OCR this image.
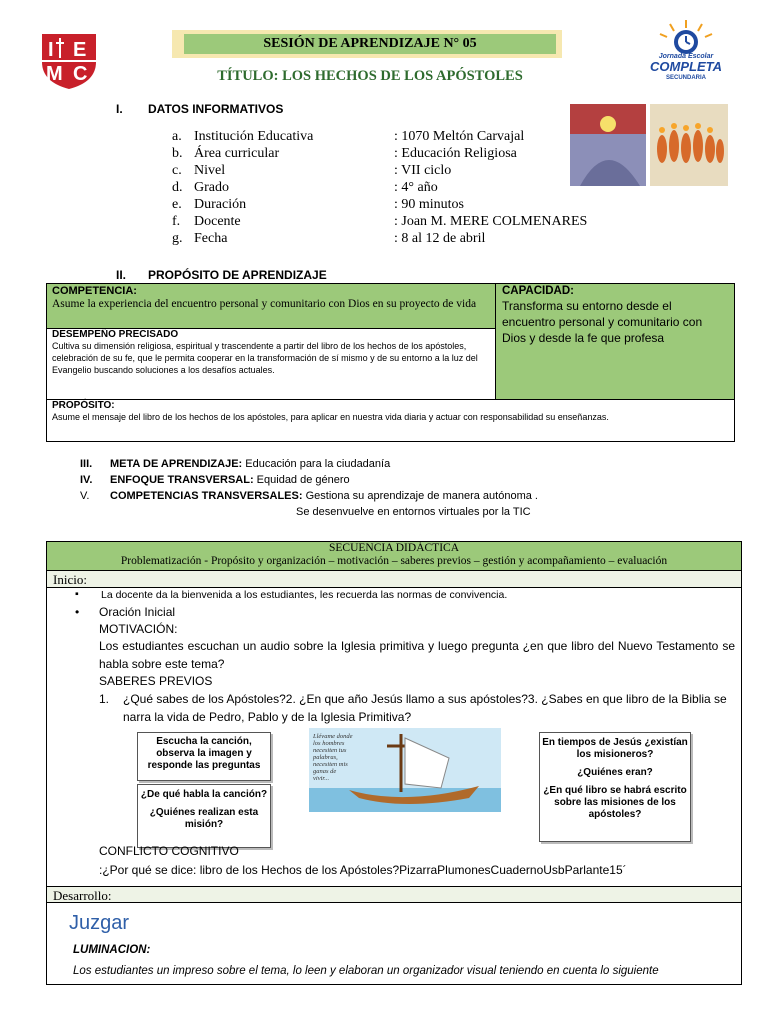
I E
M C
SESIÓN DE APRENDIZAJE N° 05
TÍTULO: LOS HECHOS DE LOS APÓSTOLES
Jornada Escolar
COMPLETA
SECUNDARIA
I. DATOS INFORMATIVOS
a. Institución Educativa	: 1070 Meltón Carvajal
b. Área curricular	: Educación Religiosa
c. Nivel	: VII ciclo
d. Grado	: 4° año
e. Duración	: 90 minutos
f. Docente	: Joan M. MERE COLMENARES
g. Fecha	: 8 al 12 de abril
II. PROPÓSITO DE APRENDIZAJE
COMPETENCIA:
Asume la experiencia del encuentro personal y comunitario con Dios en su proyecto de vida
CAPACIDAD:
Transforma su entorno desde el encuentro personal y comunitario con Dios y desde la fe que profesa
DESEMPEÑO PRECISADO
Cultiva su dimensión religiosa, espiritual y trascendente a partir del libro de los hechos de los apóstoles, celebración de su fe, que le permita cooperar en la transformación de sí mismo y de su entorno a la luz del Evangelio buscando soluciones a los desafíos actuales.
PROPÓSITO:
Asume el mensaje del libro de los hechos de los apóstoles, para aplicar en nuestra vida diaria y actuar con responsabilidad su enseñanzas.
III. META DE APRENDIZAJE: Educación para la ciudadanía
IV. ENFOQUE TRANSVERSAL: Equidad de género
V. COMPETENCIAS TRANSVERSALES: Gestiona su aprendizaje de manera autónoma .
Se desenvuelve en entornos virtuales por la TIC
SECUENCIA DIDÁCTICA
Problematización - Propósito y organización – motivación – saberes previos – gestión y acompañamiento – evaluación
Inicio:
▪ La docente da la bienvenida a los estudiantes, les recuerda las normas de convivencia.
• Oración Inicial
MOTIVACIÓN:
Los estudiantes escuchan un audio sobre la Iglesia primitiva y luego pregunta ¿en que libro del Nuevo Testamento se habla sobre este tema?
SABERES PREVIOS
1. ¿Qué sabes de los Apóstoles?2. ¿En que año Jesús llamo a sus apóstoles?3. ¿Sabes en que libro de la Biblia se narra la vida de Pedro, Pablo y de la Iglesia Primitiva?
Escucha la canción, observa la imagen y responde las preguntas
¿De qué habla la canción?
¿Quiénes realizan esta misión?
Llévame donde los hombres necesiten tus palabras, necesiten mis ganas de vivir...
En tiempos de Jesús ¿existían los misioneros?
¿Quiénes eran?
¿En qué libro se habrá escrito sobre las misiones de los apóstoles?
CONFLICTO COGNITIVO
:¿Por qué se dice: libro de los Hechos de los Apóstoles?PizarraPlumonesCuadernoUsbParlante15´
Desarrollo:
Juzgar
LUMINACION:
Los estudiantes un impreso sobre el tema, lo leen y elaboran un organizador visual teniendo en cuenta lo siguiente
